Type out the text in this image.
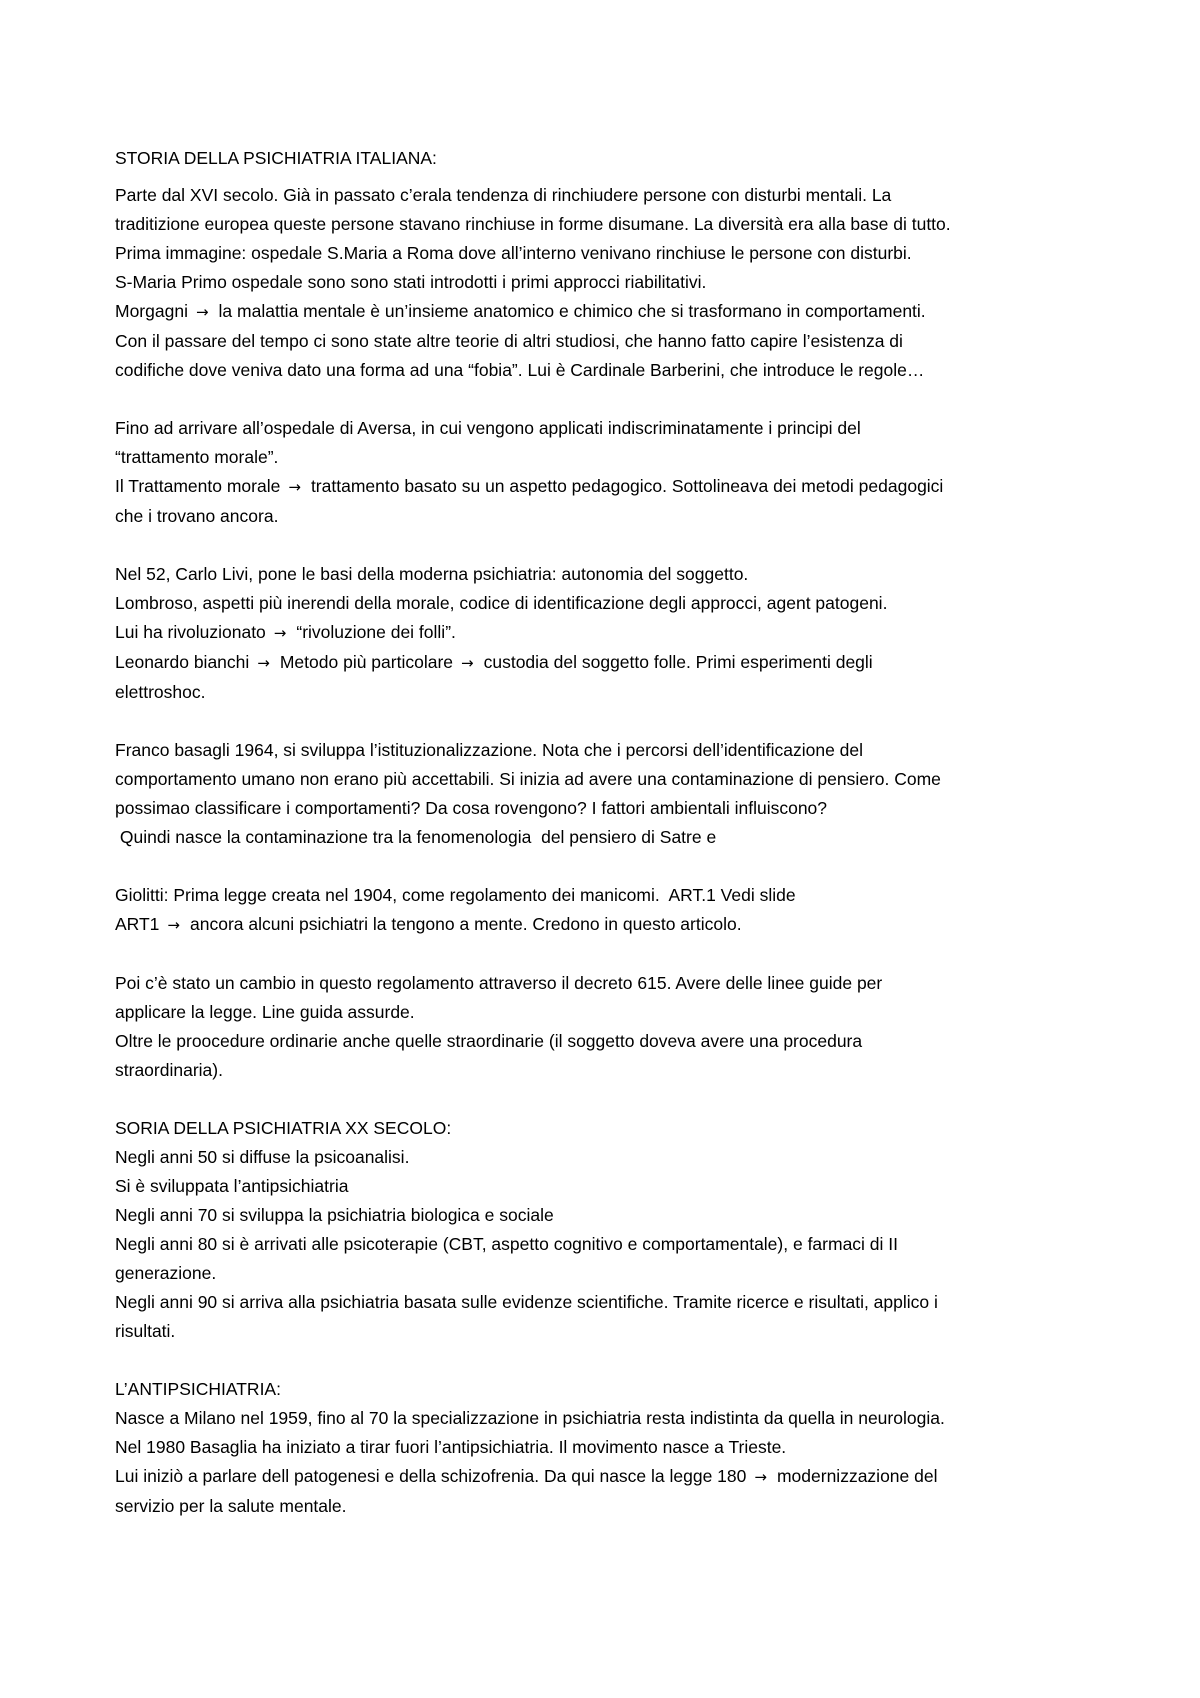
STORIA DELLA PSICHIATRIA ITALIANA:
Parte dal XVI secolo. Già in passato c’erala tendenza di rinchiudere persone con disturbi mentali. La
traditizione europea queste persone stavano rinchiuse in forme disumane. La diversità era alla base di tutto.
Prima immagine: ospedale S.Maria a Roma dove all’interno venivano rinchiuse le persone con disturbi.
S-Maria Primo ospedale sono sono stati introdotti i primi approcci riabilitativi.
Morgagni → la malattia mentale è un’insieme anatomico e chimico che si trasformano in comportamenti.
Con il passare del tempo ci sono state altre teorie di altri studiosi, che hanno fatto capire l’esistenza di
codifiche dove veniva dato una forma ad una “fobia”. Lui è Cardinale Barberini, che introduce le regole…
Fino ad arrivare all’ospedale di Aversa, in cui vengono applicati indiscriminatamente i principi del
“trattamento morale”.
Il Trattamento morale → trattamento basato su un aspetto pedagogico. Sottolineava dei metodi pedagogici
che i trovano ancora.
Nel 52, Carlo Livi, pone le basi della moderna psichiatria: autonomia del soggetto.
Lombroso, aspetti più inerendi della morale, codice di identificazione degli approcci, agent patogeni.
Lui ha rivoluzionato → “rivoluzione dei folli”.
Leonardo bianchi → Metodo più particolare → custodia del soggetto folle. Primi esperimenti degli
elettroshoc.
Franco basagli 1964, si sviluppa l’istituzionalizzazione. Nota che i percorsi dell’identificazione del
comportamento umano non erano più accettabili. Si inizia ad avere una contaminazione di pensiero. Come
possimao classificare i comportamenti? Da cosa rovengono? I fattori ambientali influiscono?
Quindi nasce la contaminazione tra la fenomenologia  del pensiero di Satre e
Giolitti: Prima legge creata nel 1904, come regolamento dei manicomi.  ART.1 Vedi slide
ART1 → ancora alcuni psichiatri la tengono a mente. Credono in questo articolo.
Poi c’è stato un cambio in questo regolamento attraverso il decreto 615. Avere delle linee guide per
applicare la legge. Line guida assurde.
Oltre le proocedure ordinarie anche quelle straordinarie (il soggetto doveva avere una procedura
straordinaria).
SORIA DELLA PSICHIATRIA XX SECOLO:
Negli anni 50 si diffuse la psicoanalisi.
Si è sviluppata l’antipsichiatria
Negli anni 70 si sviluppa la psichiatria biologica e sociale
Negli anni 80 si è arrivati alle psicoterapie (CBT, aspetto cognitivo e comportamentale), e farmaci di II
generazione.
Negli anni 90 si arriva alla psichiatria basata sulle evidenze scientifiche. Tramite ricerce e risultati, applico i
risultati.
L’ANTIPSICHIATRIA:
Nasce a Milano nel 1959, fino al 70 la specializzazione in psichiatria resta indistinta da quella in neurologia.
Nel 1980 Basaglia ha iniziato a tirar fuori l’antipsichiatria. Il movimento nasce a Trieste.
Lui iniziò a parlare dell patogenesi e della schizofrenia. Da qui nasce la legge 180 → modernizzazione del
servizio per la salute mentale.
